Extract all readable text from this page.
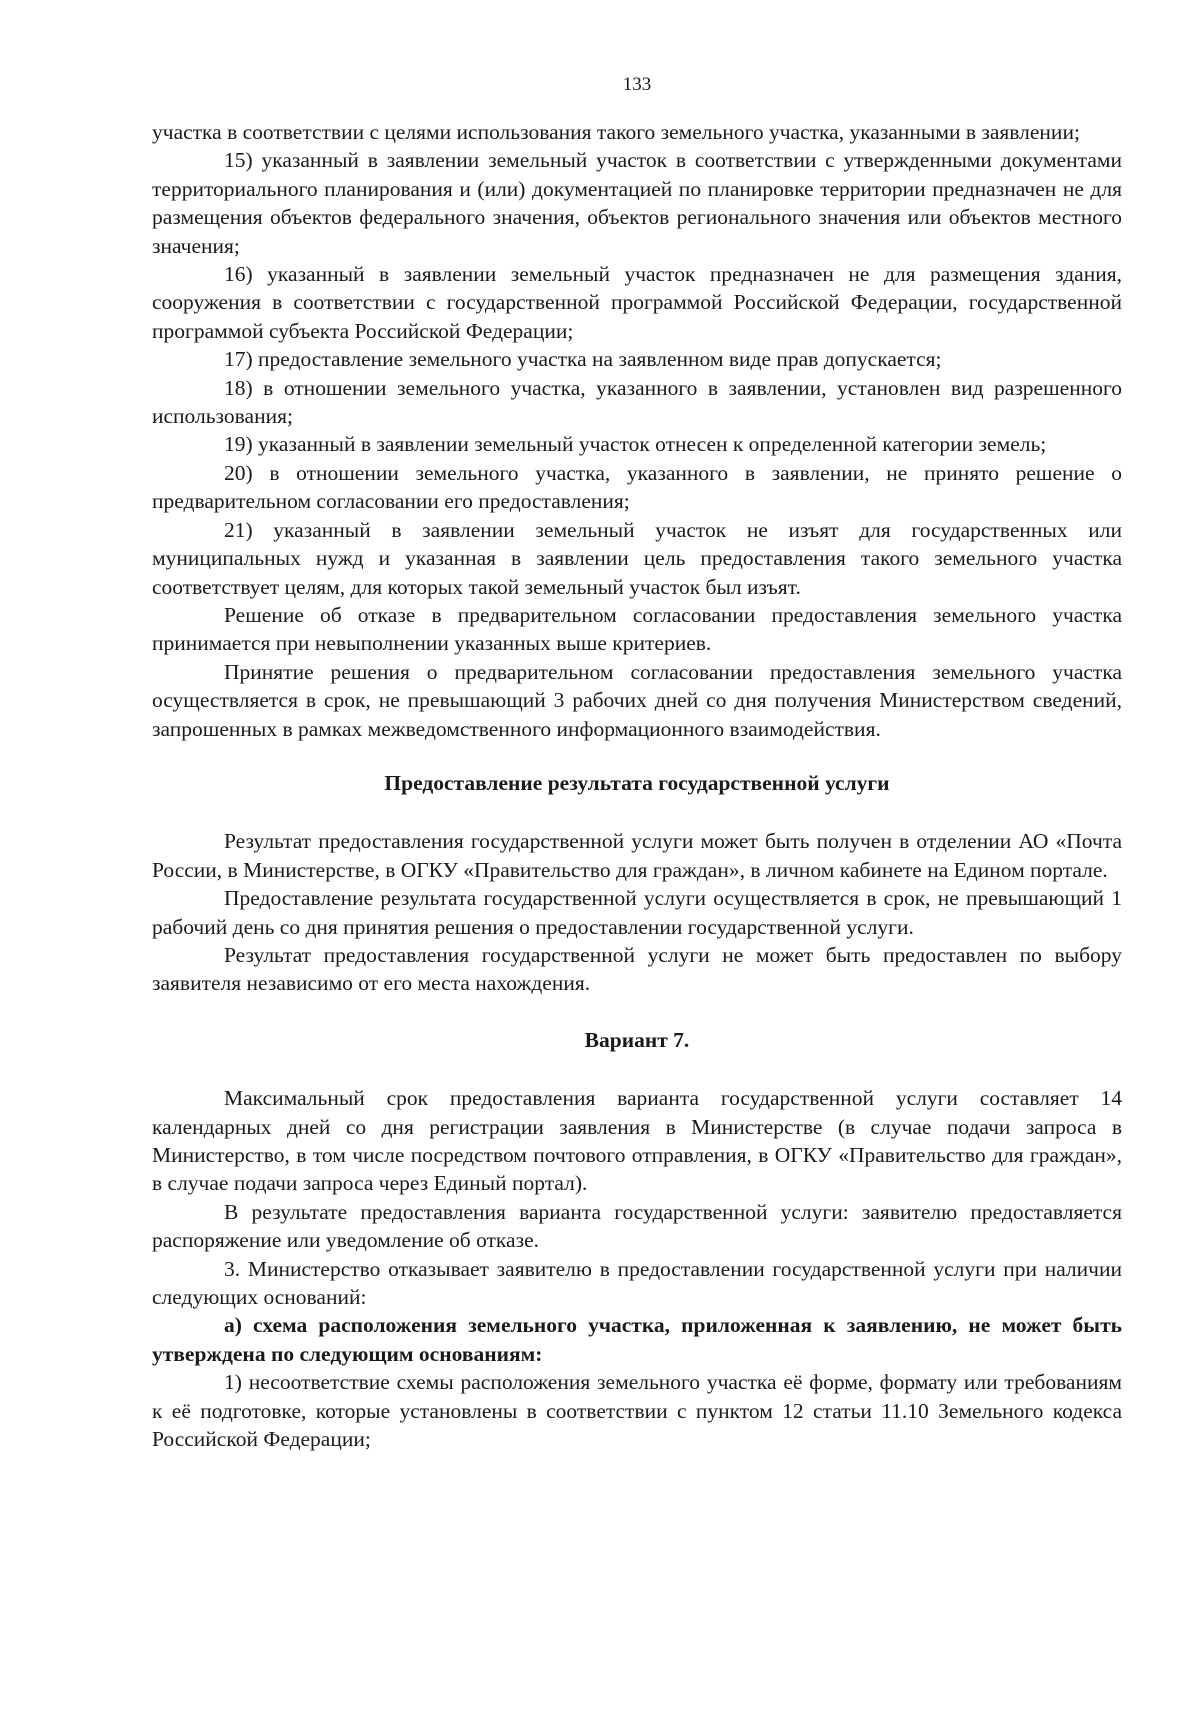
133

участка в соответствии с целями использования такого земельного участка, указанными в заявлении;

15) указанный в заявлении земельный участок в соответствии с утвержденными документами территориального планирования и (или) документацией по планировке территории предназначен не для размещения объектов федерального значения, объектов регионального значения или объектов местного значения;

16) указанный в заявлении земельный участок предназначен не для размещения здания, сооружения в соответствии с государственной программой Российской Федерации, государственной программой субъекта Российской Федерации;

17) предоставление земельного участка на заявленном виде прав допускается;

18) в отношении земельного участка, указанного в заявлении, установлен вид разрешенного использования;

19) указанный в заявлении земельный участок отнесен к определенной категории земель;

20) в отношении земельного участка, указанного в заявлении, не принято решение о предварительном согласовании его предоставления;

21) указанный в заявлении земельный участок не изъят для государственных или муниципальных нужд и указанная в заявлении цель предоставления такого земельного участка соответствует целям, для которых такой земельный участок был изъят.

Решение об отказе в предварительном согласовании предоставления земельного участка принимается при невыполнении указанных выше критериев.

Принятие решения о предварительном согласовании предоставления земельного участка осуществляется в срок, не превышающий 3 рабочих дней со дня получения Министерством сведений, запрошенных в рамках межведомственного информационного взаимодействия.

Предоставление результата государственной услуги

Результат предоставления государственной услуги может быть получен в отделении АО «Почта России, в Министерстве, в ОГКУ «Правительство для граждан», в личном кабинете на Едином портале.

Предоставление результата государственной услуги осуществляется в срок, не превышающий 1 рабочий день со дня принятия решения о предоставлении государственной услуги.

Результат предоставления государственной услуги не может быть предоставлен по выбору заявителя независимо от его места нахождения.

Вариант 7.

Максимальный срок предоставления варианта государственной услуги составляет 14 календарных дней со дня регистрации заявления в Министерстве (в случае подачи запроса в Министерство, в том числе посредством почтового отправления, в ОГКУ «Правительство для граждан», в случае подачи запроса через Единый портал).

В результате предоставления варианта государственной услуги: заявителю предоставляется распоряжение или уведомление об отказе.

3. Министерство отказывает заявителю в предоставлении государственной услуги при наличии следующих оснований:

а) схема расположения земельного участка, приложенная к заявлению, не может быть утверждена по следующим основаниям:

1) несоответствие схемы расположения земельного участка её форме, формату или требованиям к её подготовке, которые установлены в соответствии с пунктом 12 статьи 11.10 Земельного кодекса Российской Федерации;
